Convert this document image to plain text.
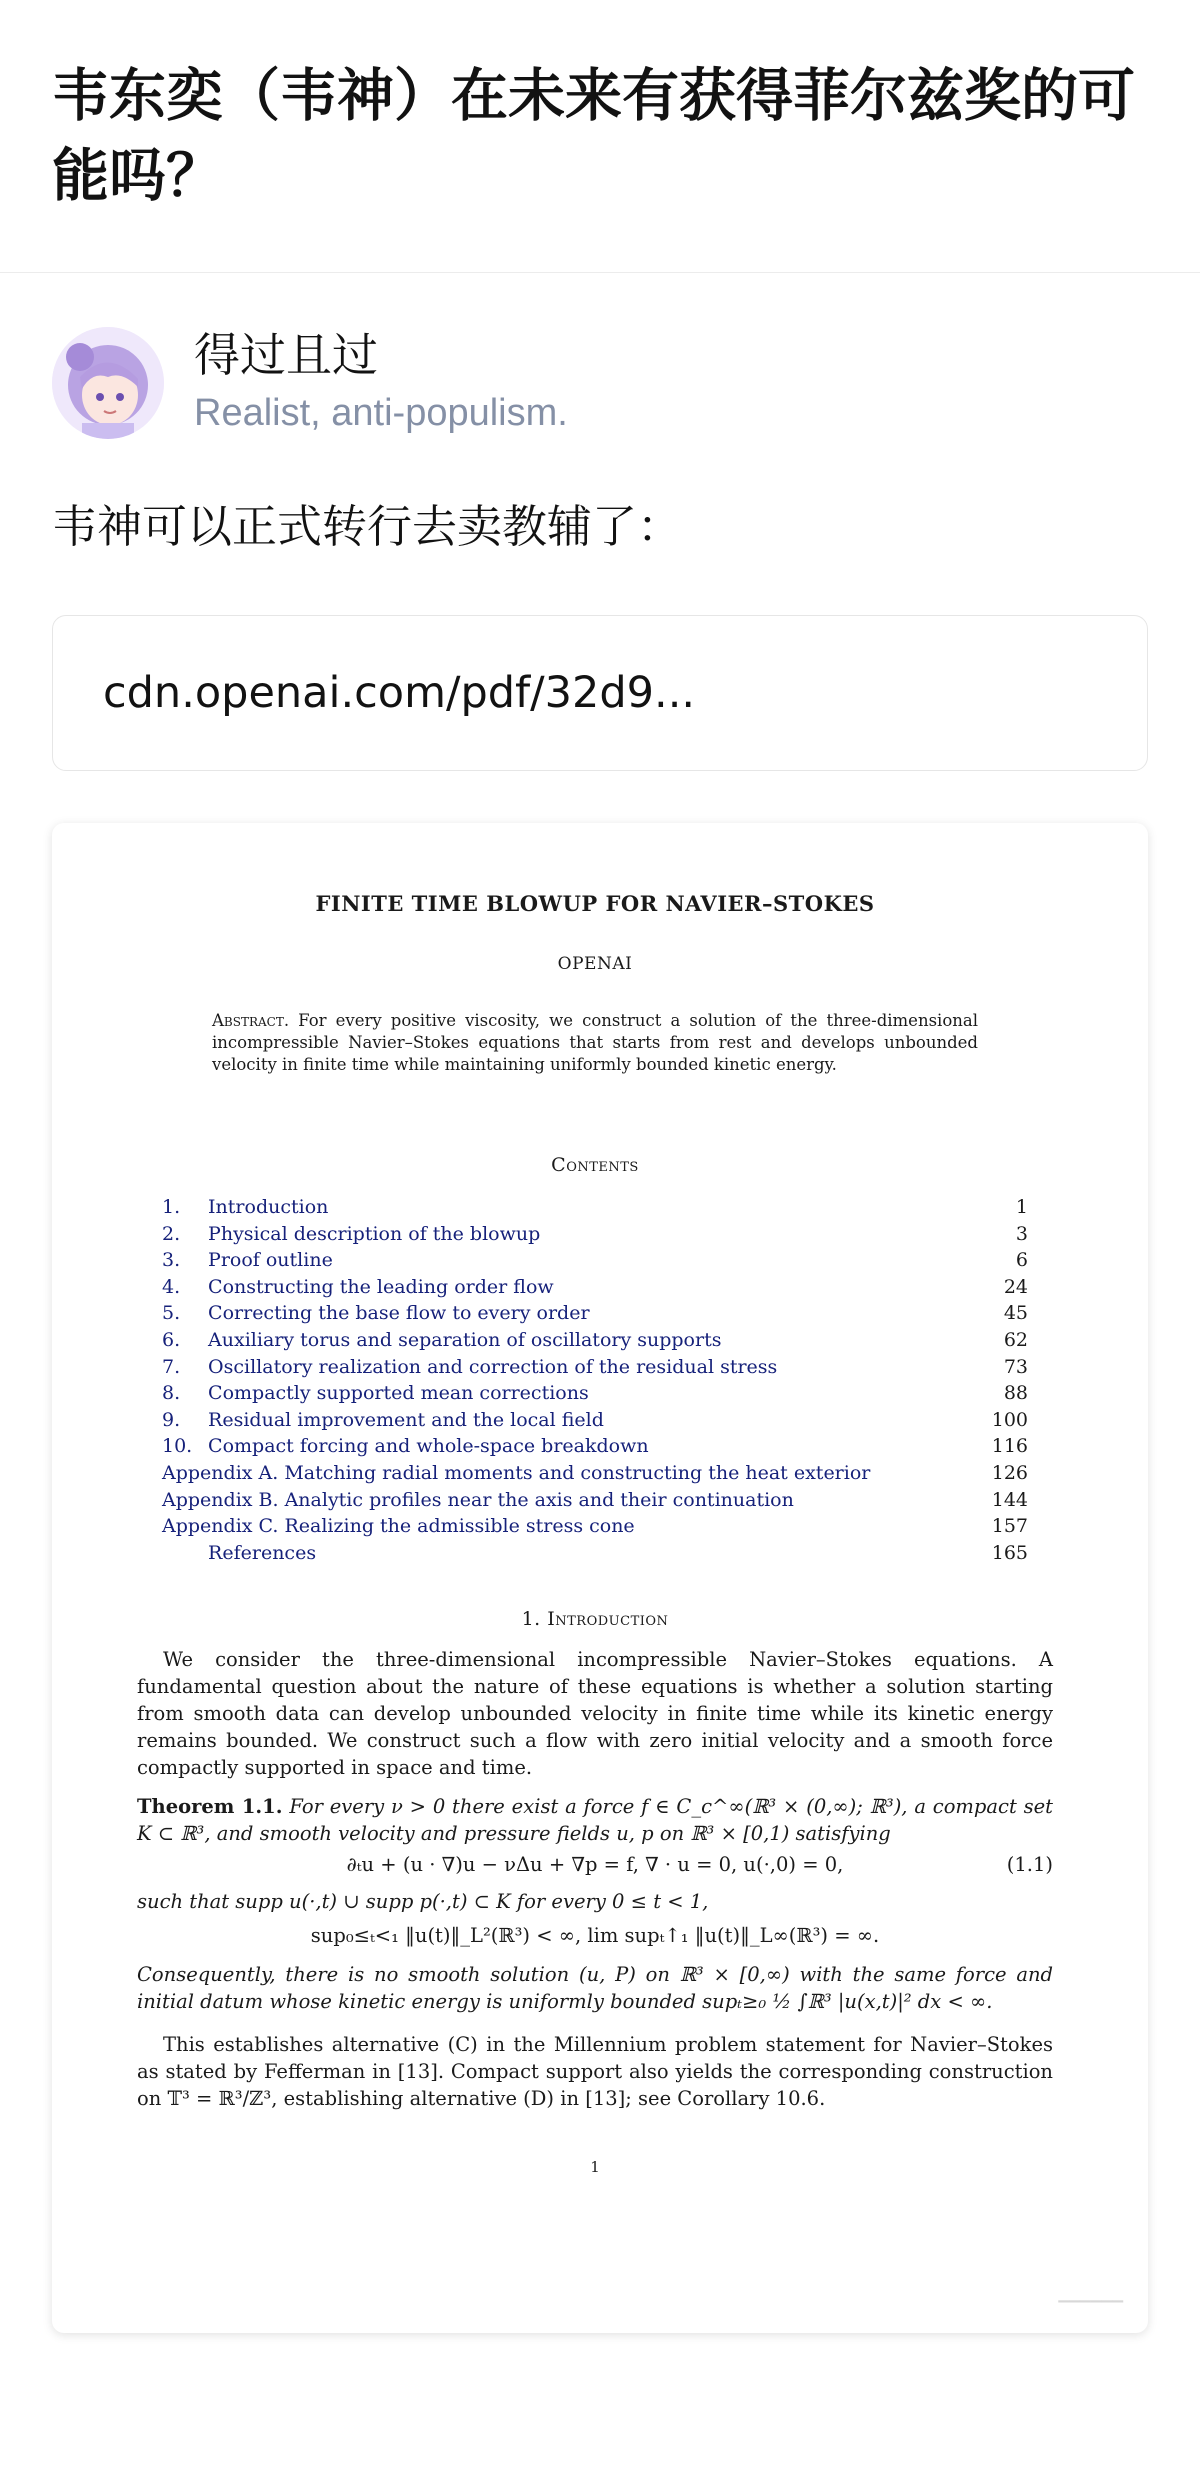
韦东奕（韦神）在未来有获得菲尔兹奖的可能吗？
得过且过
Realist, anti-populism.
韦神可以正式转行去卖教辅了：
cdn.openai.com/pdf/32d9...
FINITE TIME BLOWUP FOR NAVIER–STOKES
OPENAI
Abstract. For every positive viscosity, we construct a solution of the three-dimensional incompressible Navier–Stokes equations that starts from rest and develops unbounded velocity in finite time while maintaining uniformly bounded kinetic energy.
Contents
1. Introduction	1
2. Physical description of the blowup	3
3. Proof outline	6
4. Constructing the leading order flow	24
5. Correcting the base flow to every order	45
6. Auxiliary torus and separation of oscillatory supports	62
7. Oscillatory realization and correction of the residual stress	73
8. Compactly supported mean corrections	88
9. Residual improvement and the local field	100
10. Compact forcing and whole-space breakdown	116
Appendix A. Matching radial moments and constructing the heat exterior	126
Appendix B. Analytic profiles near the axis and their continuation	144
Appendix C. Realizing the admissible stress cone	157
References	165
1. Introduction
We consider the three-dimensional incompressible Navier–Stokes equations. A fundamental question about the nature of these equations is whether a solution starting from smooth data can develop unbounded velocity in finite time while its kinetic energy remains bounded. We construct such a flow with zero initial velocity and a smooth force compactly supported in space and time.
Theorem 1.1. For every ν > 0 there exist a force f ∈ C_c^∞(ℝ³ × (0,∞); ℝ³), a compact set K ⊂ ℝ³, and smooth velocity and pressure fields u, p on ℝ³ × [0,1) satisfying
∂ₜu + (u · ∇)u − νΔu + ∇p = f, ∇ · u = 0, u(·,0) = 0,	(1.1)
such that supp u(·,t) ∪ supp p(·,t) ⊂ K for every 0 ≤ t < 1,
sup₀≤ₜ<₁ ‖u(t)‖_L²(ℝ³) < ∞, lim supₜ↑₁ ‖u(t)‖_L∞(ℝ³) = ∞.
Consequently, there is no smooth solution (u, P) on ℝ³ × [0,∞) with the same force and initial datum whose kinetic energy is uniformly bounded supₜ≥₀ ½ ∫ℝ³ |u(x,t)|² dx < ∞.
This establishes alternative (C) in the Millennium problem statement for Navier–Stokes as stated by Fefferman in [13]. Compact support also yields the corresponding construction on 𝕋³ = ℝ³/ℤ³, establishing alternative (D) in [13]; see Corollary 10.6.
1
▁▁▁▁▁▁
